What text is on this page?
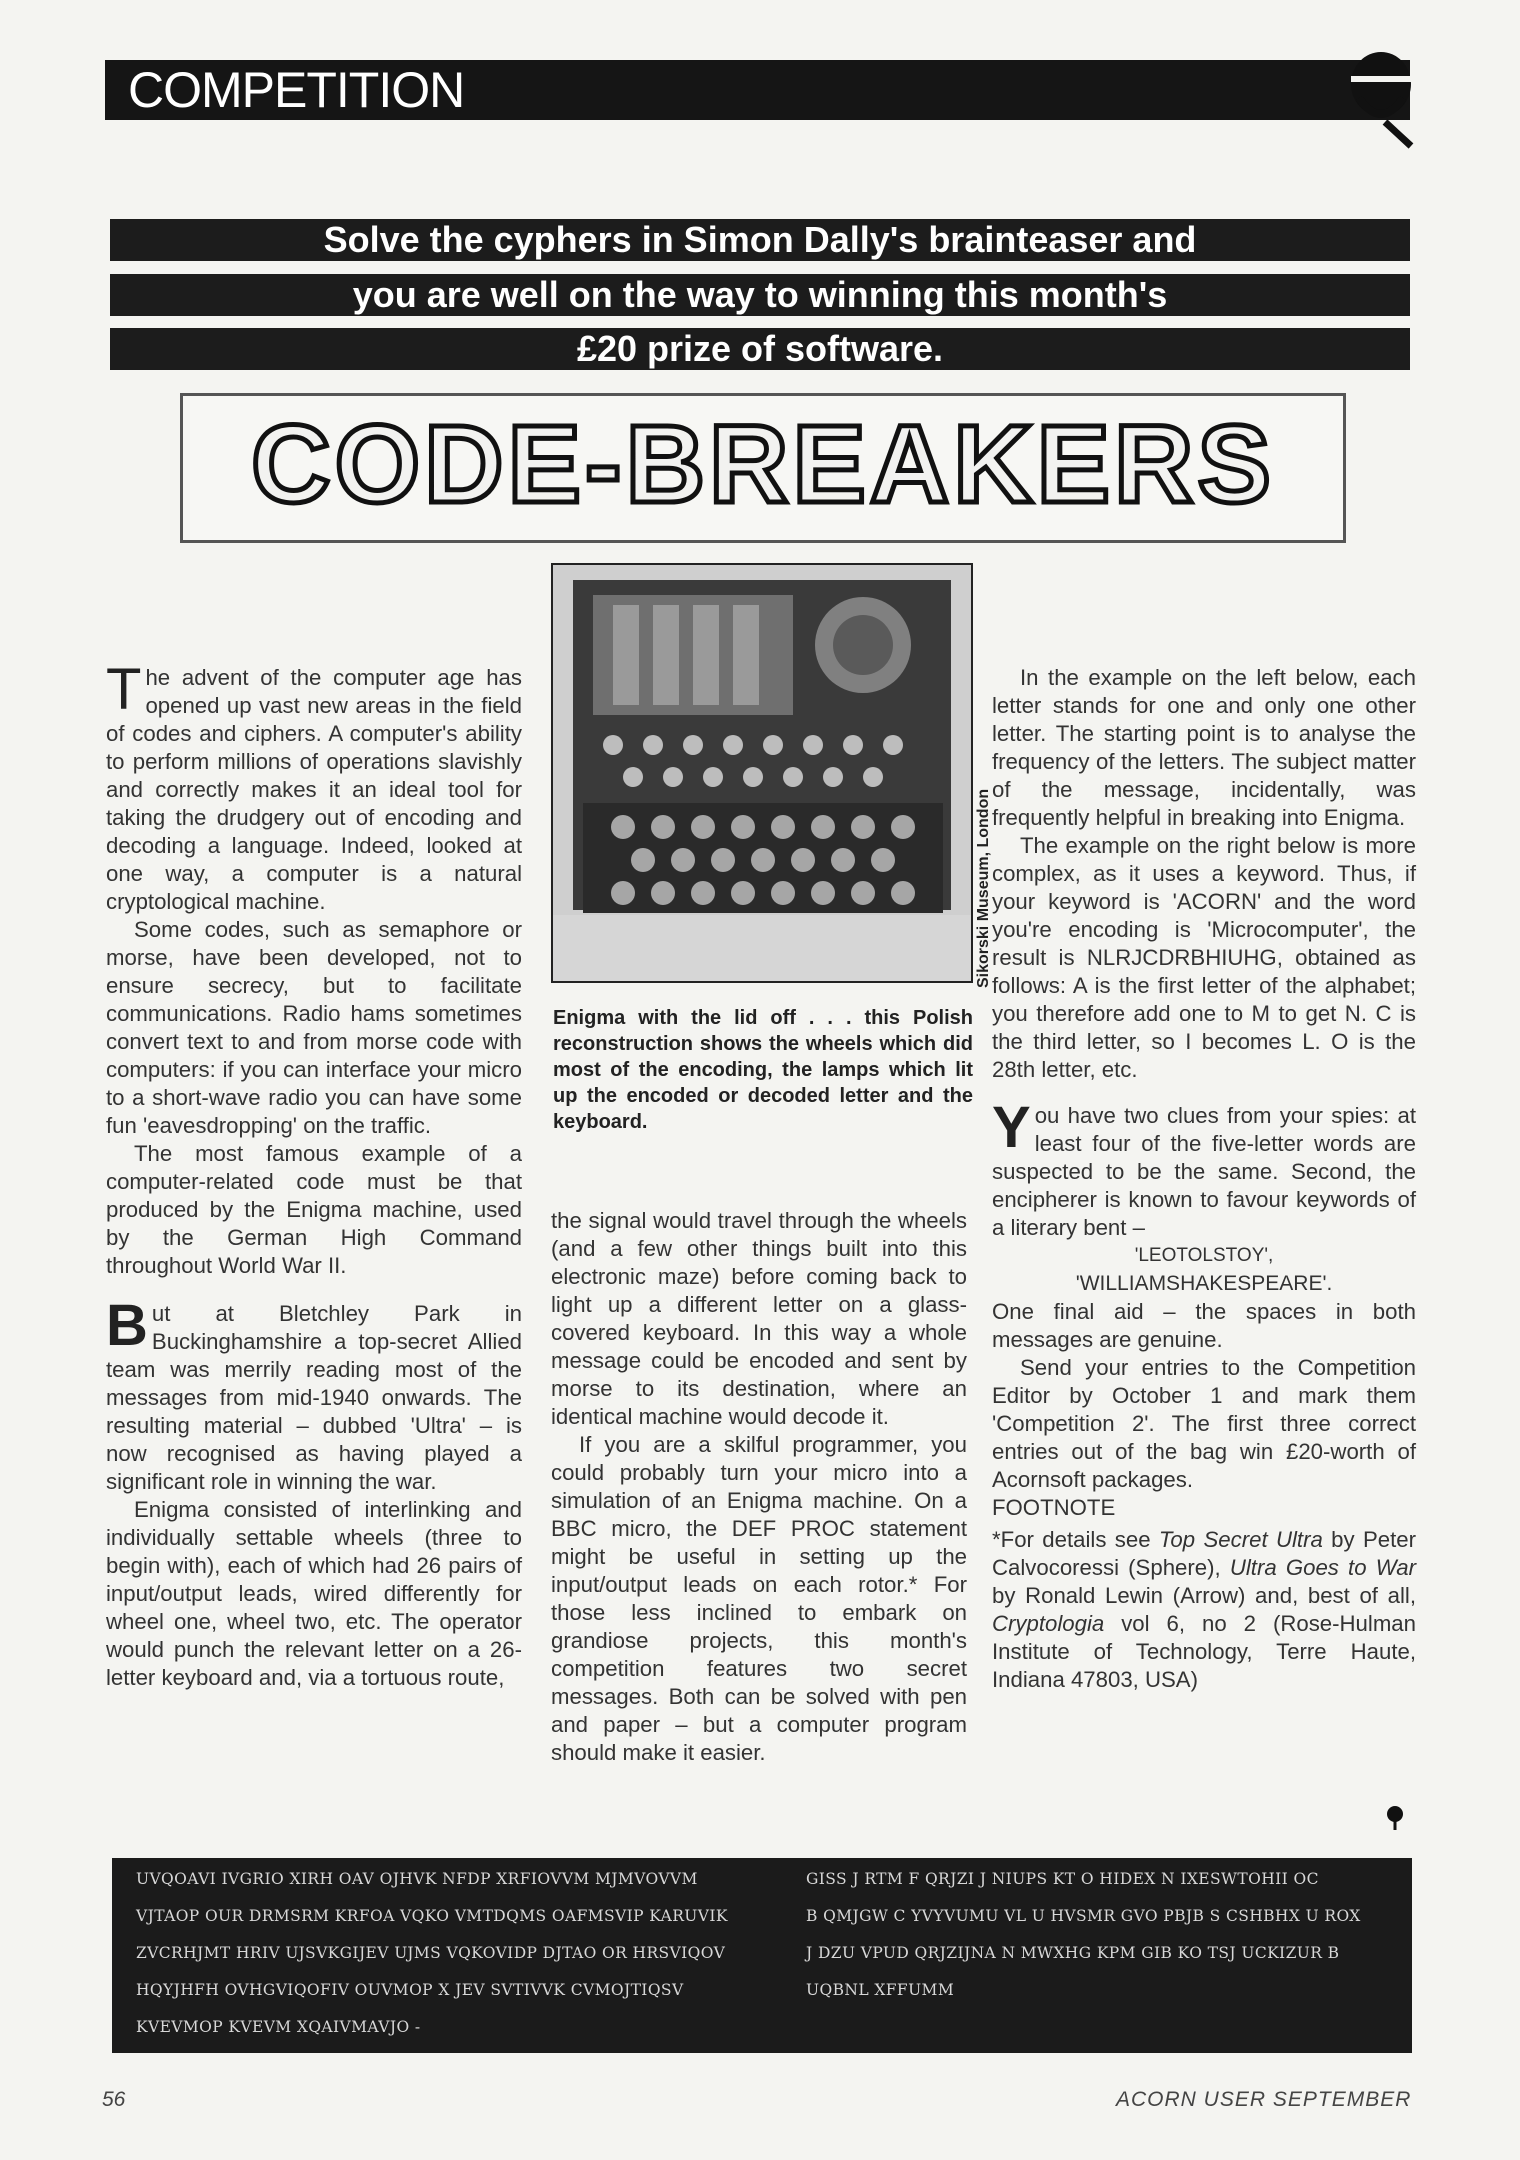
COMPETITION
Solve the cyphers in Simon Dally's brainteaser and
you are well on the way to winning this month's
£20 prize of software.
CODE-BREAKERS

The advent of the computer age has opened up vast new areas in the field of codes and ciphers. A computer's ability to perform millions of operations slavishly and correctly makes it an ideal tool for taking the drudgery out of encoding and decoding a language. Indeed, looked at one way, a computer is a natural cryptological machine.

Some codes, such as semaphore or morse, have been developed, not to ensure secrecy, but to facilitate communications. Radio hams sometimes convert text to and from morse code with computers: if you can interface your micro to a short-wave radio you can have some fun 'eavesdropping' on the traffic.

The most famous example of a computer-related code must be that produced by the Enigma machine, used by the German High Command throughout World War II.

But at Bletchley Park in Buckinghamshire a top-secret Allied team was merrily reading most of the messages from mid-1940 onwards. The resulting material – dubbed 'Ultra' – is now recognised as having played a significant role in winning the war.

Enigma consisted of interlinking and individually settable wheels (three to begin with), each of which had 26 pairs of input/output leads, wired differently for wheel one, wheel two, etc. The operator would punch the relevant letter on a 26-letter keyboard and, via a tortuous route,

Sikorski Museum, London
Enigma with the lid off . . . this Polish reconstruction shows the wheels which did most of the encoding, the lamps which lit up the encoded or decoded letter and the keyboard.

the signal would travel through the wheels (and a few other things built into this electronic maze) before coming back to light up a different letter on a glass-covered keyboard. In this way a whole message could be encoded and sent by morse to its destination, where an identical machine would decode it.

If you are a skilful programmer, you could probably turn your micro into a simulation of an Enigma machine. On a BBC micro, the DEF PROC statement might be useful in setting up the input/output leads on each rotor.* For those less inclined to embark on grandiose projects, this month's competition features two secret messages. Both can be solved with pen and paper – but a computer program should make it easier.

In the example on the left below, each letter stands for one and only one other letter. The starting point is to analyse the frequency of the letters. The subject matter of the message, incidentally, was frequently helpful in breaking into Enigma.

The example on the right below is more complex, as it uses a keyword. Thus, if your keyword is 'ACORN' and the word you're encoding is 'Microcomputer', the result is NLRJCDRBHIUHG, obtained as follows: A is the first letter of the alphabet; you therefore add one to M to get N. C is the third letter, so I becomes L. O is the 28th letter, etc.

You have two clues from your spies: at least four of the five-letter words are suspected to be the same. Second, the encipherer is known to favour keywords of a literary bent –

'LEOTOLSTOY',
'WILLIAMSHAKESPEARE'.

One final aid – the spaces in both messages are genuine.

Send your entries to the Competition Editor by October 1 and mark them 'Competition 2'. The first three correct entries out of the bag win £20-worth of Acornsoft packages.

FOOTNOTE

*For details see Top Secret Ultra by Peter Calvocoressi (Sphere), Ultra Goes to War by Ronald Lewin (Arrow) and, best of all, Cryptologia vol 6, no 2 (Rose-Hulman Institute of Technology, Terre Haute, Indiana 47803, USA)

UVQOAVI IVGRIO XIRH OAV OJHVK NFDP XRFIOVVM MJMVOVVM
VJTAOP OUR DRMSRM KRFOA VQKO VMTDQMS OAFMSVIP KARUVIK
ZVCRHJMT HRIV UJSVKGIJEV UJMS VQKOVIDP DJTAO OR HRSVIQOV
HQYJHFH OVHGVIQOFIV OUVMOP X JEV SVTIVVK CVMOJTIQSV
KVEVMOP KVEVM XQAIVMAVJO -
GISS J RTM F QRJZI J NIUPS KT O HIDEX N IXESWTOHII OC
B QMJGW C YVYVUMU VL U HVSMR GVO PBJB S CSHBHX U ROX
J DZU VPUD QRJZIJNA N MWXHG KPM GIB KO TSJ UCKIZUR B
UQBNL XFFUMM
56	ACORN USER SEPTEMBER
